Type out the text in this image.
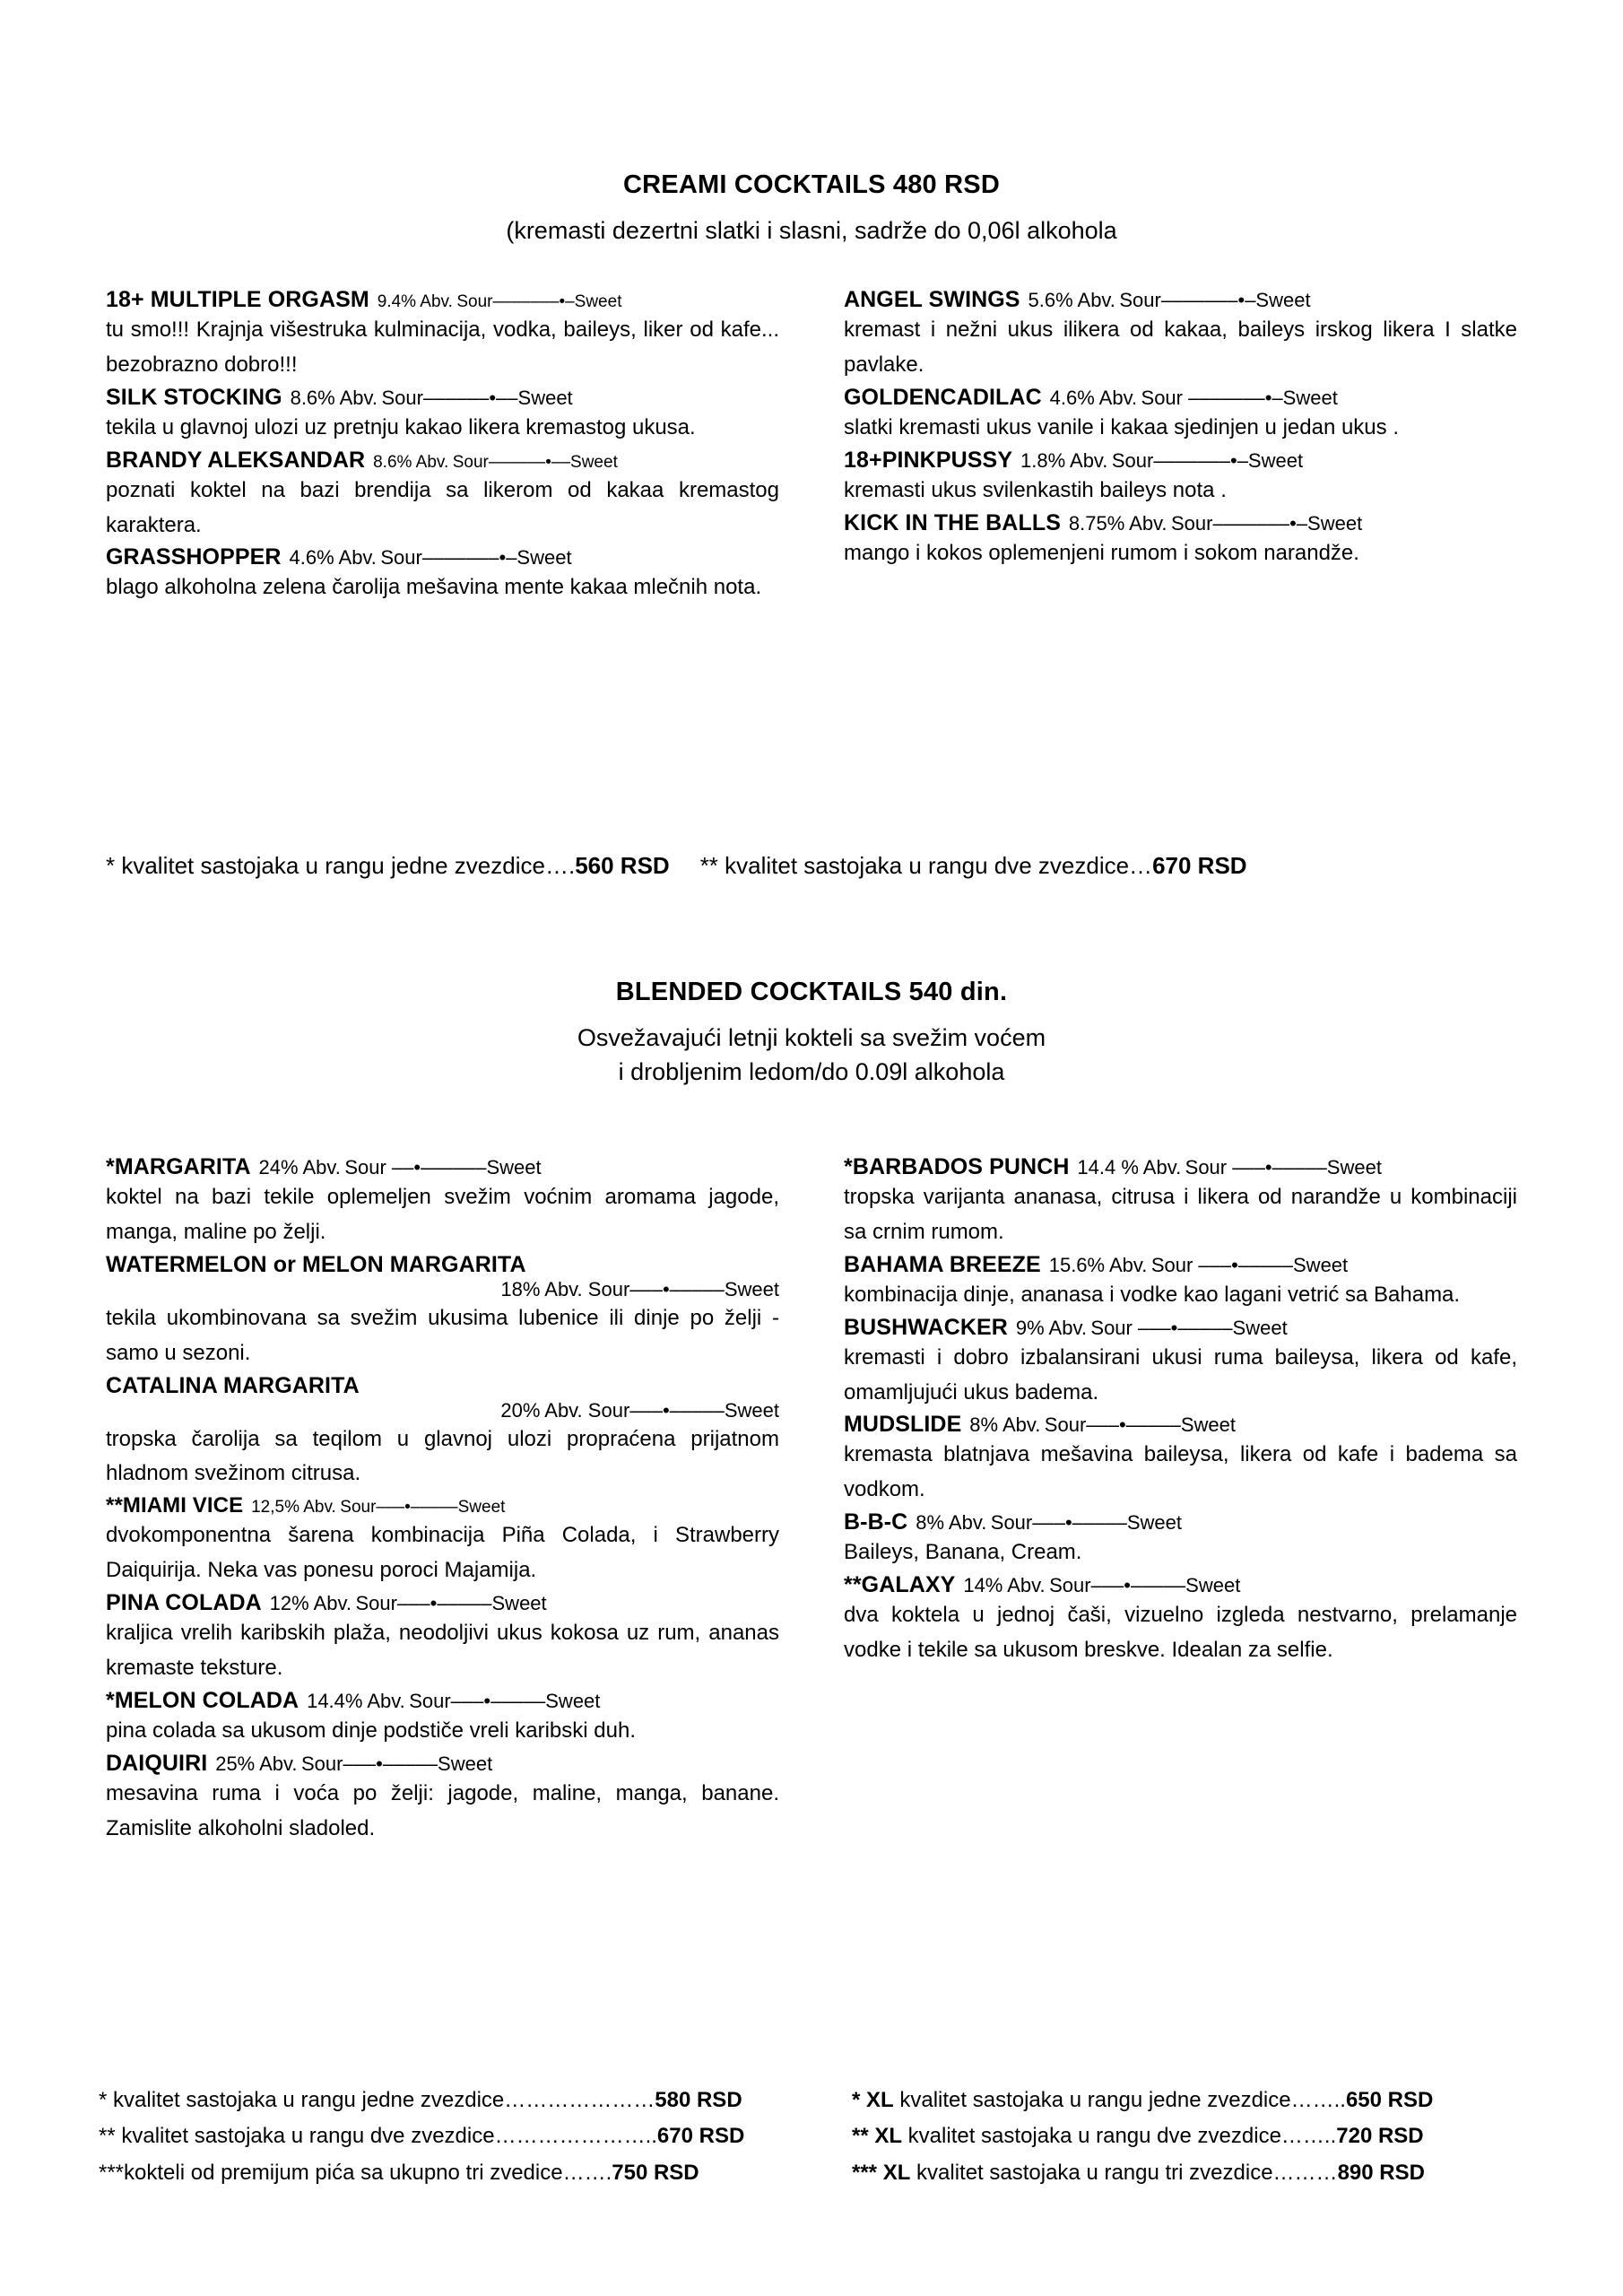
CREAMI COCKTAILS 480 RSD
(kremasti dezertni slatki i slasni, sadrže do 0,06l alkohola
18+ MULTIPLE ORGASM 9.4% Abv. Sour–––––––•–Sweet
tu smo!!! Krajnja višestruka kulminacija, vodka, baileys, liker od kafe... bezobrazno dobro!!!
SILK STOCKING 8.6% Abv. Sour––––––•––Sweet
tekila u glavnoj ulozi uz pretnju kakao likera kremastog ukusa.
BRANDY ALEKSANDAR 8.6% Abv. Sour––––––•––Sweet
poznati koktel na bazi brendija sa likerom od kakaa kremastog karaktera.
GRASSHOPPER 4.6% Abv. Sour–––––––•–Sweet
blago alkoholna zelena čarolija mešavina mente kakaa mlečnih nota.
ANGEL SWINGS 5.6% Abv. Sour–––––––•–Sweet
kremast i nežni ukus ilikera od kakaa, baileys irskog likera I slatke pavlake.
GOLDENCADILAC 4.6% Abv. Sour –––––––•–Sweet
slatki kremasti ukus vanile i kakaa sjedinjen u jedan ukus .
18+PINKPUSSY 1.8% Abv. Sour–––––––•–Sweet
kremasti ukus svilenkastih baileys nota .
KICK IN THE BALLS 8.75% Abv. Sour–––––––•–Sweet
mango i kokos oplemenjeni rumom i sokom narandže.
* kvalitet sastojaka u rangu jedne zvezdice….560 RSD ** kvalitet sastojaka u rangu dve zvezdice…670 RSD
BLENDED COCKTAILS 540 din.
Osvežavajući letnji kokteli sa svežim voćem
i drobljenim ledom/do 0.09l alkohola
*MARGARITA 24% Abv. Sour ––•––––––Sweet
koktel na bazi tekile oplemeljen svežim voćnim aromama jagode, manga, maline po želji.
WATERMELON or MELON MARGARITA
18% Abv. Sour–––•–––––Sweet
tekila ukombinovana sa svežim ukusima lubenice ili dinje po želji - samo u sezoni.
CATALINA MARGARITA
20% Abv. Sour–––•–––––Sweet
tropska čarolija sa teqilom u glavnoj ulozi propraćena prijatnom hladnom svežinom citrusa.
**MIAMI VICE 12,5% Abv. Sour–––•–––––Sweet
dvokomponentna šarena kombinacija Piña Colada, i Strawberry Daiquirija. Neka vas ponesu poroci Majamija.
PINA COLADA 12% Abv. Sour–––•–––––Sweet
kraljica vrelih karibskih plaža, neodoljivi ukus kokosa uz rum, ananas kremaste teksture.
*MELON COLADA 14.4% Abv. Sour–––•–––––Sweet
pina colada sa ukusom dinje podstiče vreli karibski duh.
DAIQUIRI 25% Abv. Sour–––•–––––Sweet
mesavina ruma i voća po želji: jagode, maline, manga, banane. Zamislite alkoholni sladoled.
*BARBADOS PUNCH 14.4 % Abv. Sour –––•–––––Sweet
tropska varijanta ananasa, citrusa i likera od narandže u kombinaciji sa crnim rumom.
BAHAMA BREEZE 15.6% Abv. Sour –––•–––––Sweet
kombinacija dinje, ananasa i vodke kao lagani vetrić sa Bahama.
BUSHWACKER 9% Abv. Sour –––•–––––Sweet
kremasti i dobro izbalansirani ukusi ruma baileysa, likera od kafe, omamljujući ukus badema.
MUDSLIDE 8% Abv. Sour–––•–––––Sweet
kremasta blatnjava mešavina baileysa, likera od kafe i badema sa vodkom.
B-B-C 8% Abv. Sour–––•–––––Sweet
Baileys, Banana, Cream.
**GALAXY 14% Abv. Sour–––•–––––Sweet
dva koktela u jednoj čaši, vizuelno izgleda nestvarno, prelamanje vodke i tekile sa ukusom breskve. Idealan za selfie.
* kvalitet sastojaka u rangu jedne zvezdice…………………580 RSD
** kvalitet sastojaka u rangu dve zvezdice…………………..670 RSD
***kokteli od premijum pića sa ukupno tri zvedice…….750 RSD
* XL kvalitet sastojaka u rangu jedne zvezdice……..650 RSD
** XL kvalitet sastojaka u rangu dve zvezdice……..720 RSD
*** XL kvalitet sastojaka u rangu tri zvezdice………890 RSD
